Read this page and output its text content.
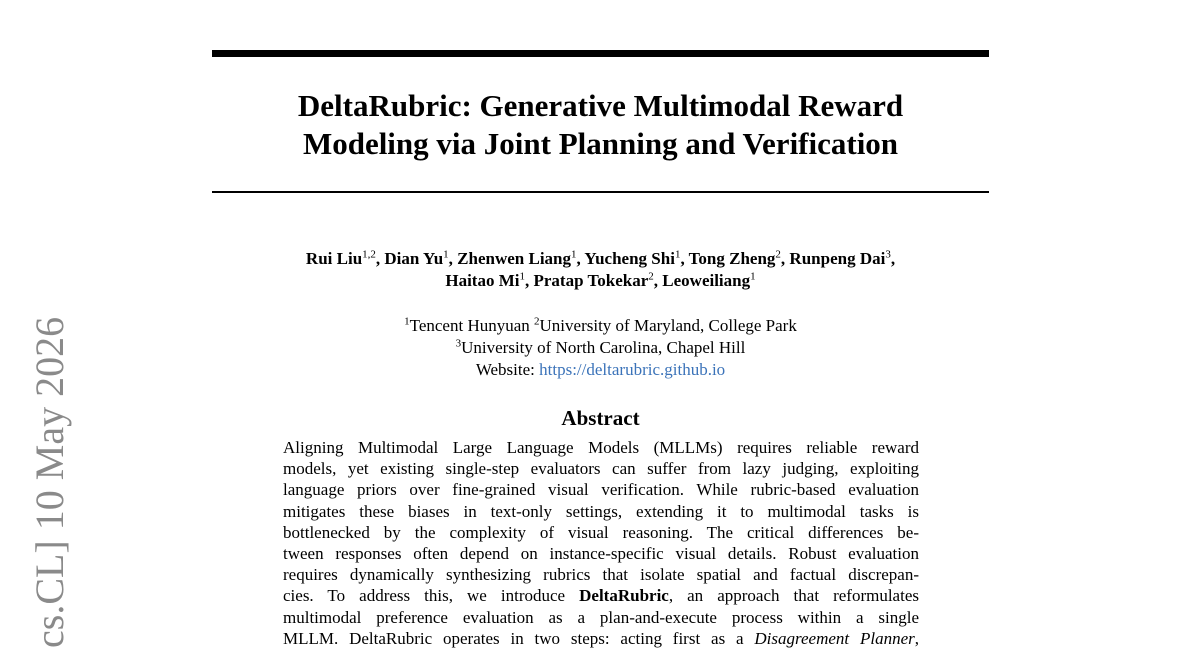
cs.CL] 10 May 2026
DeltaRubric: Generative Multimodal Reward
Modeling via Joint Planning and Verification
Rui Liu$^{1,2}$, Dian Yu$^1$, Zhenwen Liang$^1$, Yucheng Shi$^1$, Tong Zheng$^2$, Runpeng Dai$^3$,
Haitao Mi$^1$, Pratap Tokekar$^2$, Leoweiliang$^1$
$^1$Tencent Hunyuan $^2$University of Maryland, College Park
$^3$University of North Carolina, Chapel Hill
Website: https://deltarubric.github.io
Abstract
Aligning Multimodal Large Language Models (MLLMs) requires reliable reward
models, yet existing single-step evaluators can suffer from lazy judging, exploiting
language priors over fine-grained visual verification. While rubric-based evaluation
mitigates these biases in text-only settings, extending it to multimodal tasks is
bottlenecked by the complexity of visual reasoning. The critical differences be-
tween responses often depend on instance-specific visual details. Robust evaluation
requires dynamically synthesizing rubrics that isolate spatial and factual discrepan-
cies. To address this, we introduce DeltaRubric, an approach that reformulates
multimodal preference evaluation as a plan-and-execute process within a single
MLLM. DeltaRubric operates in two steps: acting first as a Disagreement Planner,
